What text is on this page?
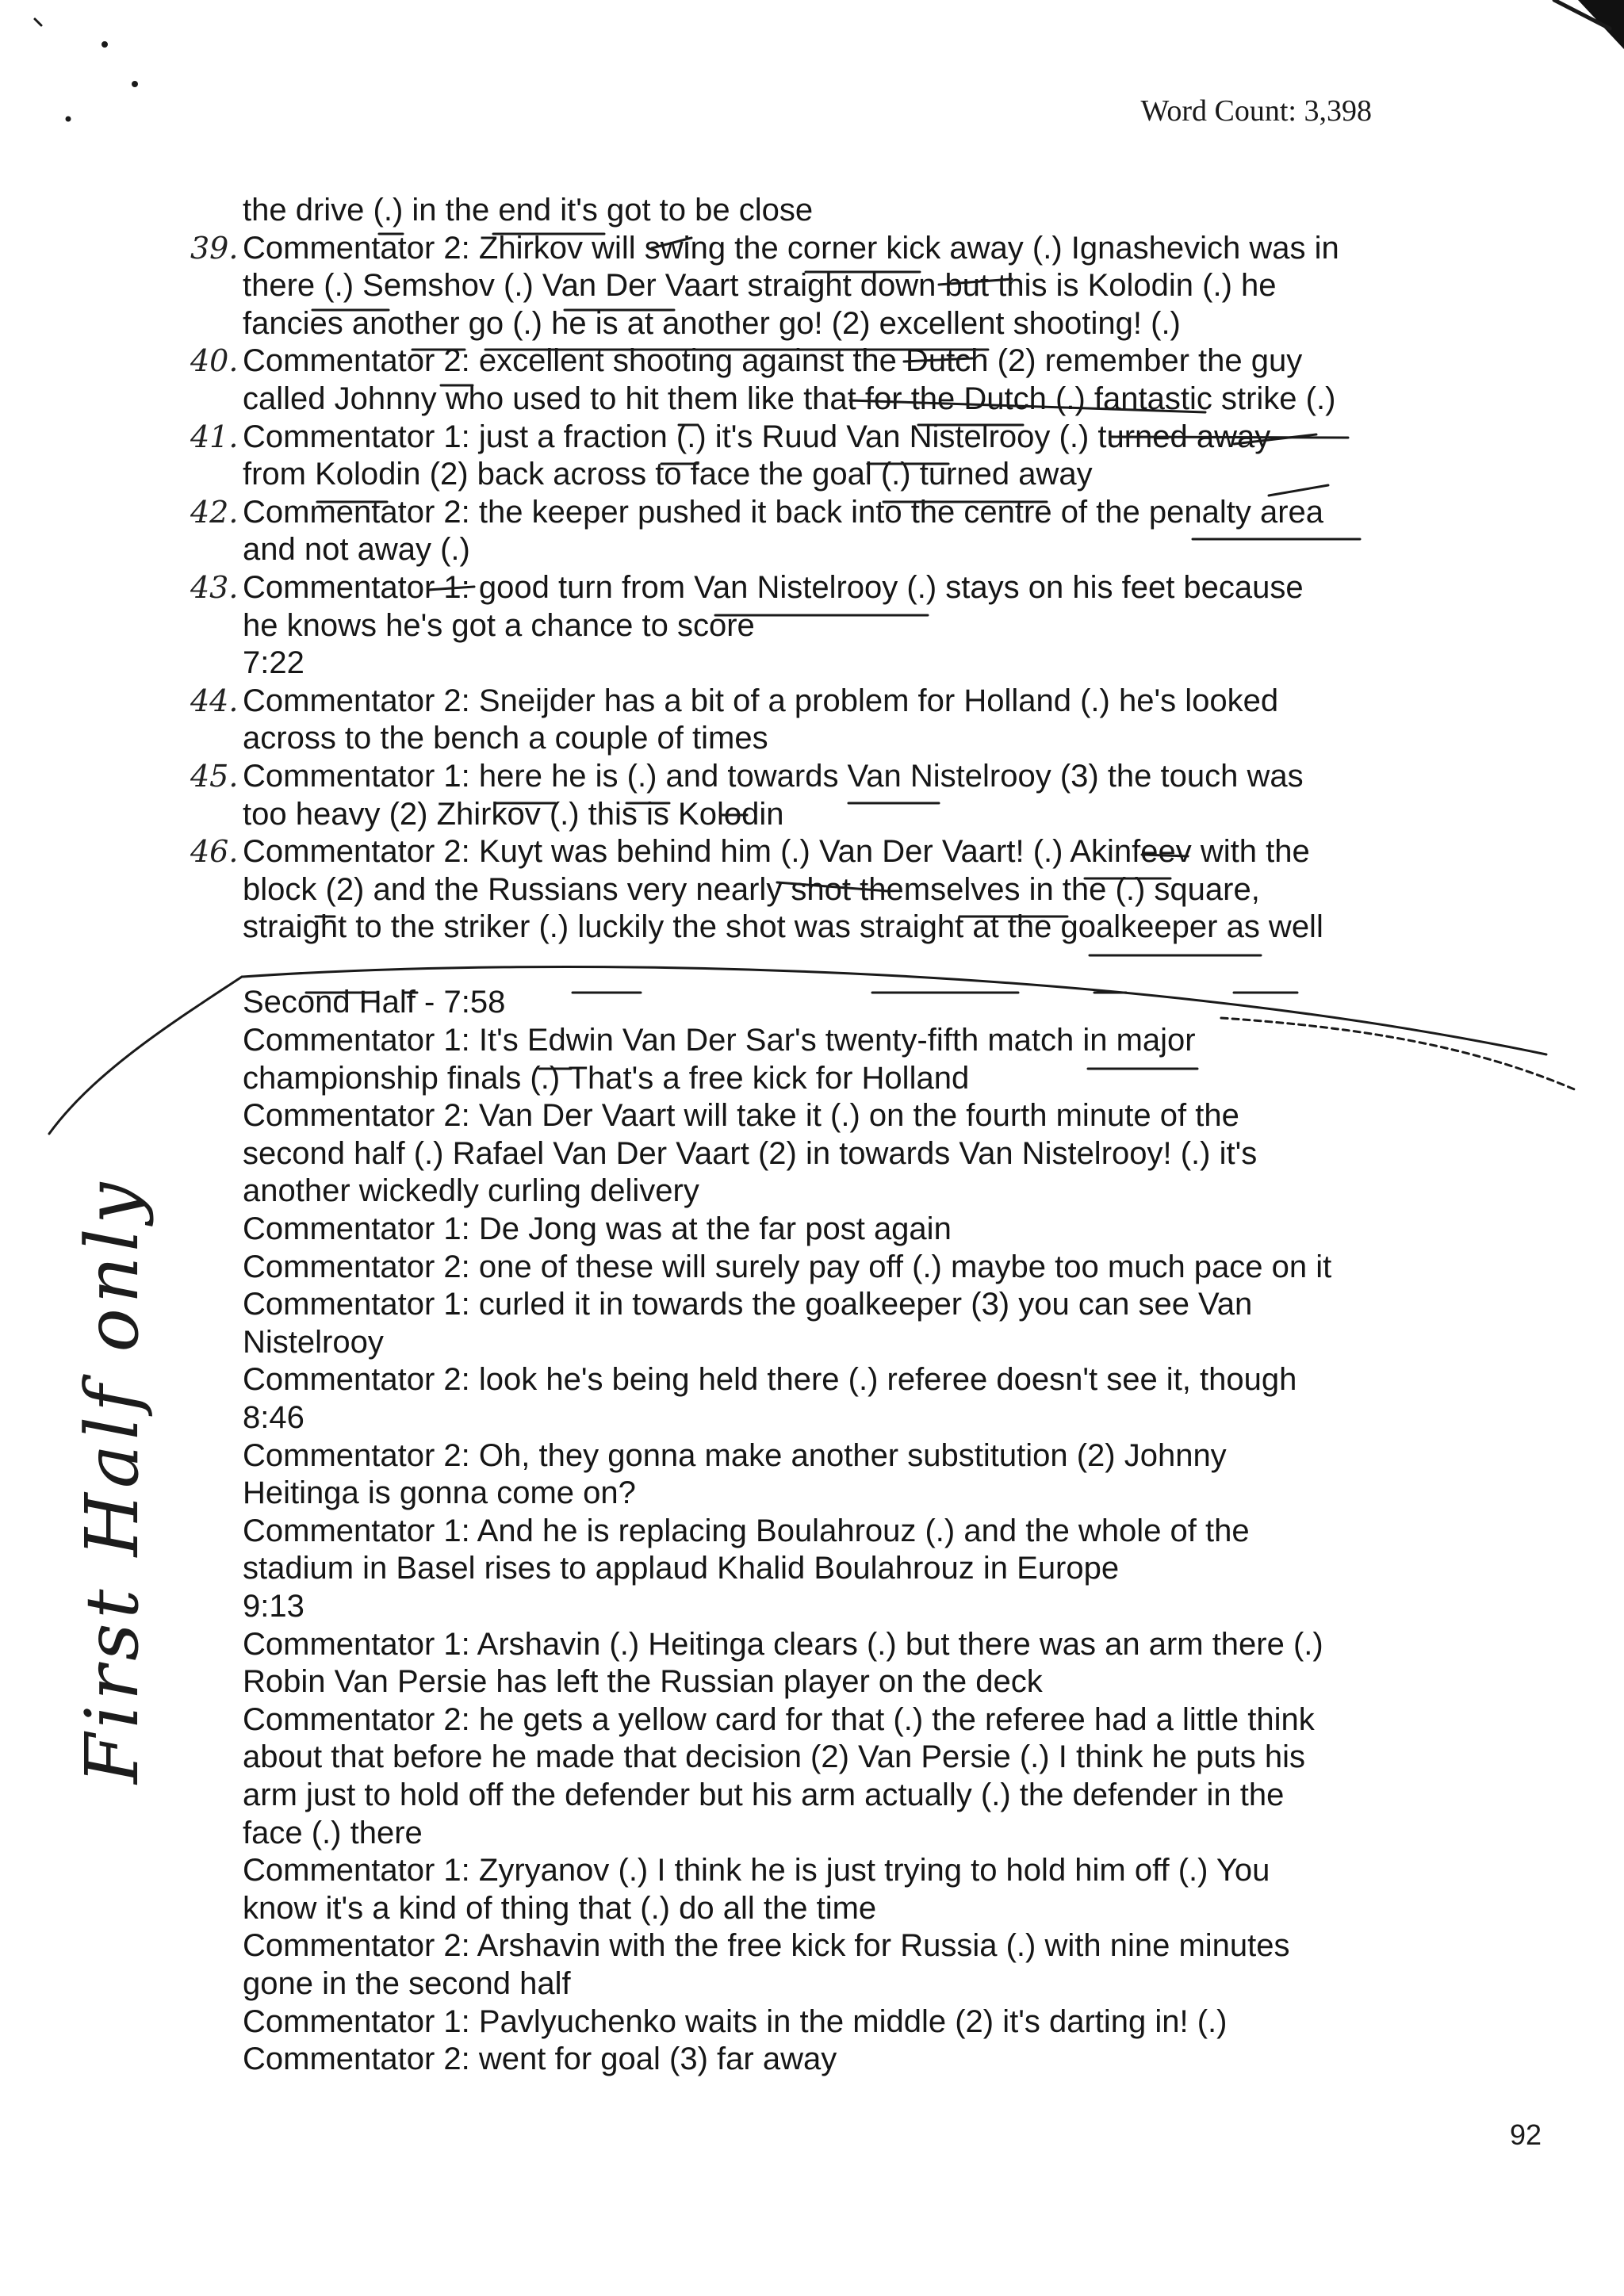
Word Count: 3,398
the drive (.) in the end it's got to be close
39. Commentator 2: Zhirkov will swing the corner kick away (.) Ignashevich was in
there (.) Semshov (.) Van Der Vaart straight down but this is Kolodin (.) he
fancies another go (.) he is at another go! (2) excellent shooting! (.)
40. Commentator 2: excellent shooting against the Dutch (2) remember the guy
called Johnny who used to hit them like that for the Dutch (.) fantastic strike (.)
41. Commentator 1: just a fraction (.) it's Ruud Van Nistelrooy (.) turned away
from Kolodin (2) back across to face the goal (.) turned away
42. Commentator 2: the keeper pushed it back into the centre of the penalty area
and not away (.)
43. Commentator 1: good turn from Van Nistelrooy (.) stays on his feet because
he knows he's got a chance to score
7:22
44. Commentator 2: Sneijder has a bit of a problem for Holland (.) he's looked
across to the bench a couple of times
45. Commentator 1: here he is (.) and towards Van Nistelrooy (3) the touch was
too heavy (2) Zhirkov (.) this is Kolodin
46. Commentator 2: Kuyt was behind him (.) Van Der Vaart! (.) Akinfeev with the
block (2) and the Russians very nearly shot themselves in the (.) square,
straight to the striker (.) luckily the shot was straight at the goalkeeper as well
Second Half - 7:58
Commentator 1: It's Edwin Van Der Sar's twenty-fifth match in major
championship finals (.) That's a free kick for Holland
Commentator 2: Van Der Vaart will take it (.) on the fourth minute of the
second half (.) Rafael Van Der Vaart (2) in towards Van Nistelrooy! (.) it's
another wickedly curling delivery
Commentator 1: De Jong was at the far post again
Commentator 2: one of these will surely pay off (.) maybe too much pace on it
Commentator 1: curled it in towards the goalkeeper (3) you can see Van
Nistelrooy
Commentator 2: look he's being held there (.) referee doesn't see it, though
8:46
Commentator 2: Oh, they gonna make another substitution (2) Johnny
Heitinga is gonna come on?
Commentator 1: And he is replacing Boulahrouz (.) and the whole of the
stadium in Basel rises to applaud Khalid Boulahrouz in Europe
9:13
Commentator 1: Arshavin (.) Heitinga clears (.) but there was an arm there (.)
Robin Van Persie has left the Russian player on the deck
Commentator 2: he gets a yellow card for that (.) the referee had a little think
about that before he made that decision (2) Van Persie (.) I think he puts his
arm just to hold off the defender but his arm actually (.) the defender in the
face (.) there
Commentator 1: Zyryanov (.) I think he is just trying to hold him off (.) You
know it's a kind of thing that (.) do all the time
Commentator 2: Arshavin with the free kick for Russia (.) with nine minutes
gone in the second half
Commentator 1: Pavlyuchenko waits in the middle (2) it's darting in! (.)
Commentator 2: went for goal (3) far away
First Half only
92
